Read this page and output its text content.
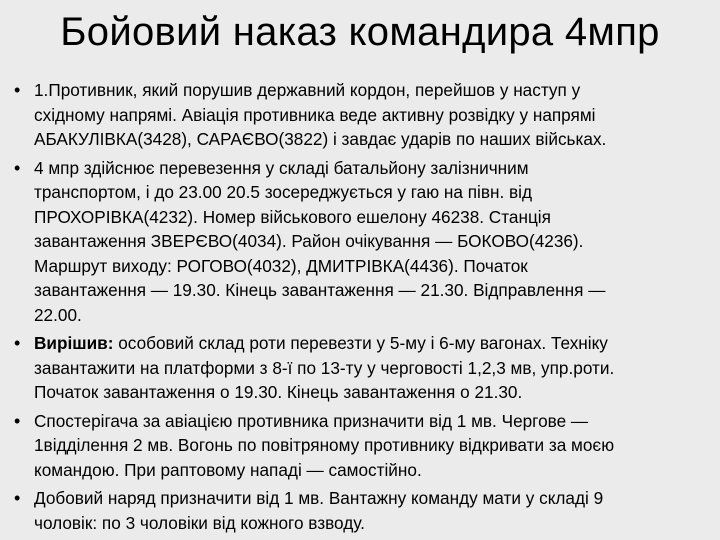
Бойовий наказ командира 4мпр
• 1.Противник, який порушив державний кордон, перейшов у наступ у
східному напрямі. Авіація противника веде активну розвідку у напрямі
АБАКУЛІВКА(3428), САРАЄВО(3822) і завдає ударів по наших військах.
• 4 мпр здійснює перевезення у складі батальйону залізничним
транспортом, і до 23.00 20.5 зосереджується у гаю на півн. від
ПРОХОРІВКА(4232). Номер військового ешелону 46238. Станція
завантаження ЗВЕРЄВО(4034). Район очікування — БОКОВО(4236).
Маршрут виходу: РОГОВО(4032), ДМИТРІВКА(4436). Початок
завантаження — 19.30. Кінець завантаження — 21.30. Відправлення —
22.00.
• Вирішив: особовий склад роти перевезти у 5-му і 6-му вагонах. Техніку
завантажити на платформи з 8-ї по 13-ту у черговості 1,2,3 мв, упр.роти.
Початок завантаження о 19.30. Кінець завантаження о 21.30.
• Спостерігача за авіацією противника призначити від 1 мв. Чергове —
1відділення 2 мв. Вогонь по повітряному противнику відкривати за моєю
командою. При раптовому нападі — самостійно.
• Добовий наряд призначити від 1 мв. Вантажну команду мати у складі 9
чоловік: по 3 чоловіки від кожного взводу.
